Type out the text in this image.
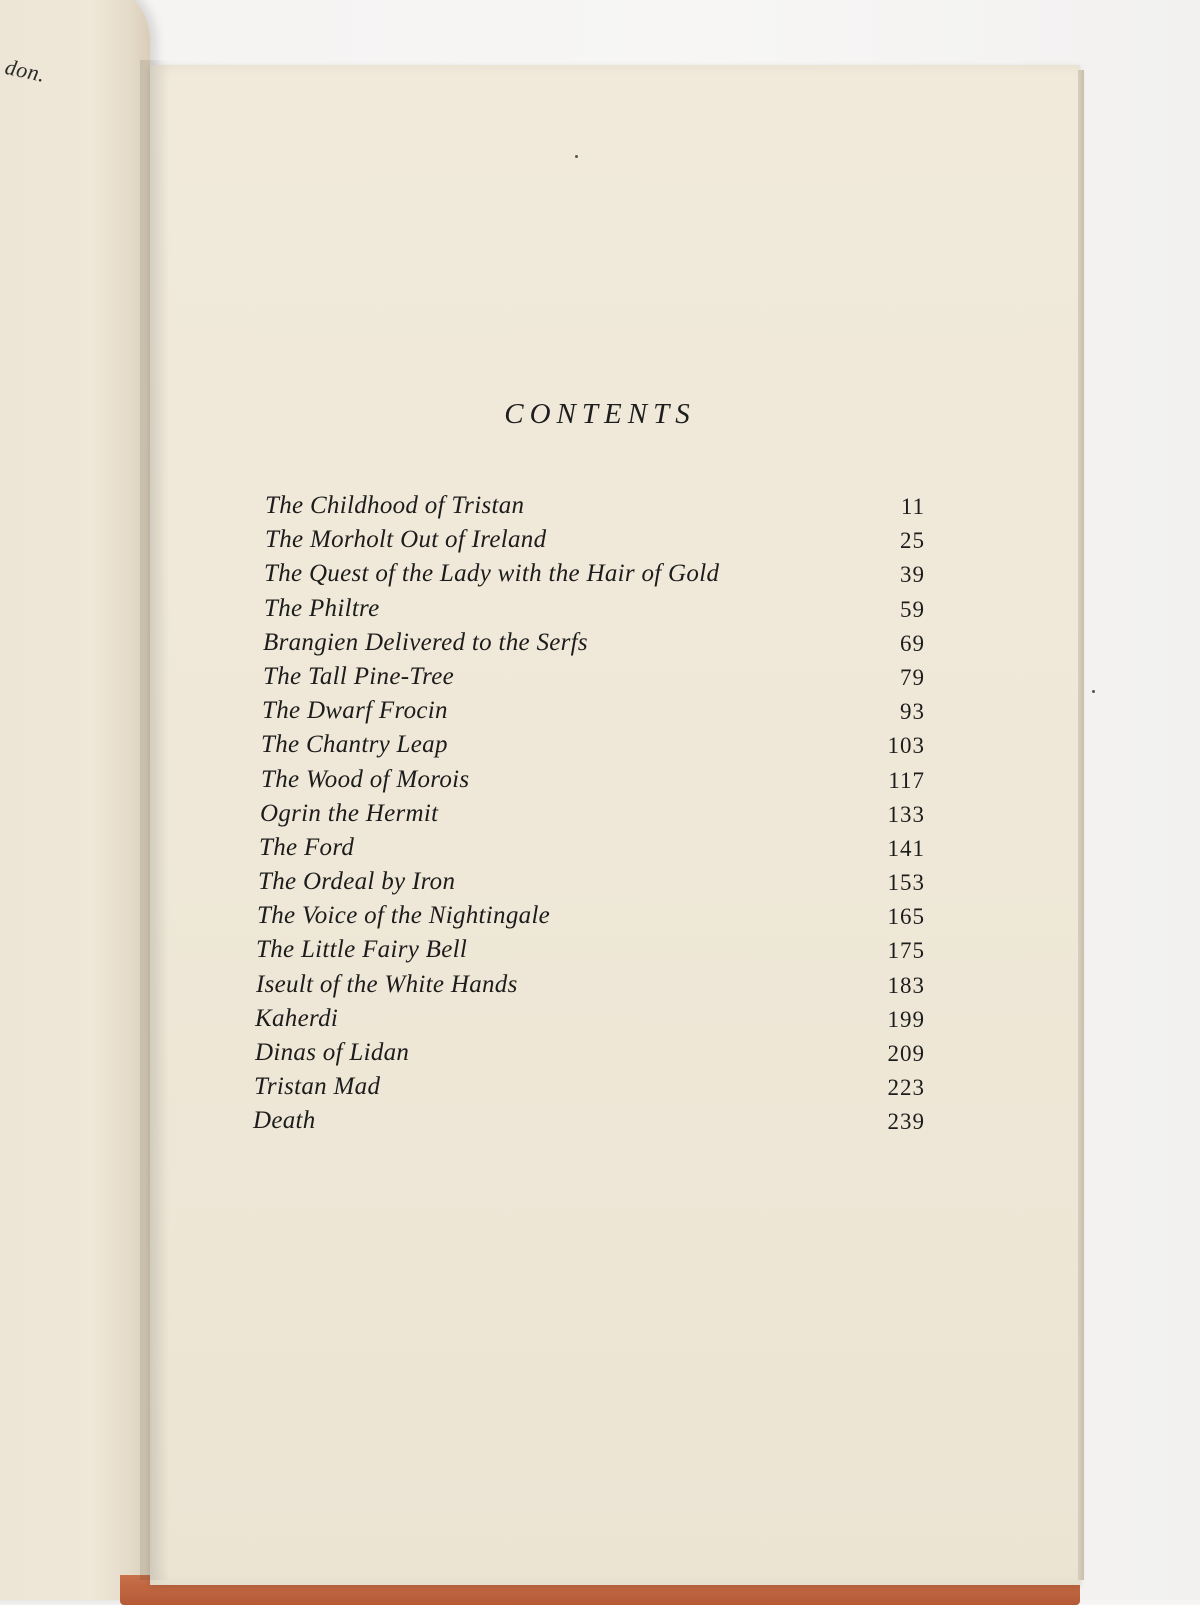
don.
CONTENTS
The Childhood of Tristan	11
The Morholt Out of Ireland	25
The Quest of the Lady with the Hair of Gold	39
The Philtre	59
Brangien Delivered to the Serfs	69
The Tall Pine-Tree	79
The Dwarf Frocin	93
The Chantry Leap	103
The Wood of Morois	117
Ogrin the Hermit	133
The Ford	141
The Ordeal by Iron	153
The Voice of the Nightingale	165
The Little Fairy Bell	175
Iseult of the White Hands	183
Kaherdi	199
Dinas of Lidan	209
Tristan Mad	223
Death	239
